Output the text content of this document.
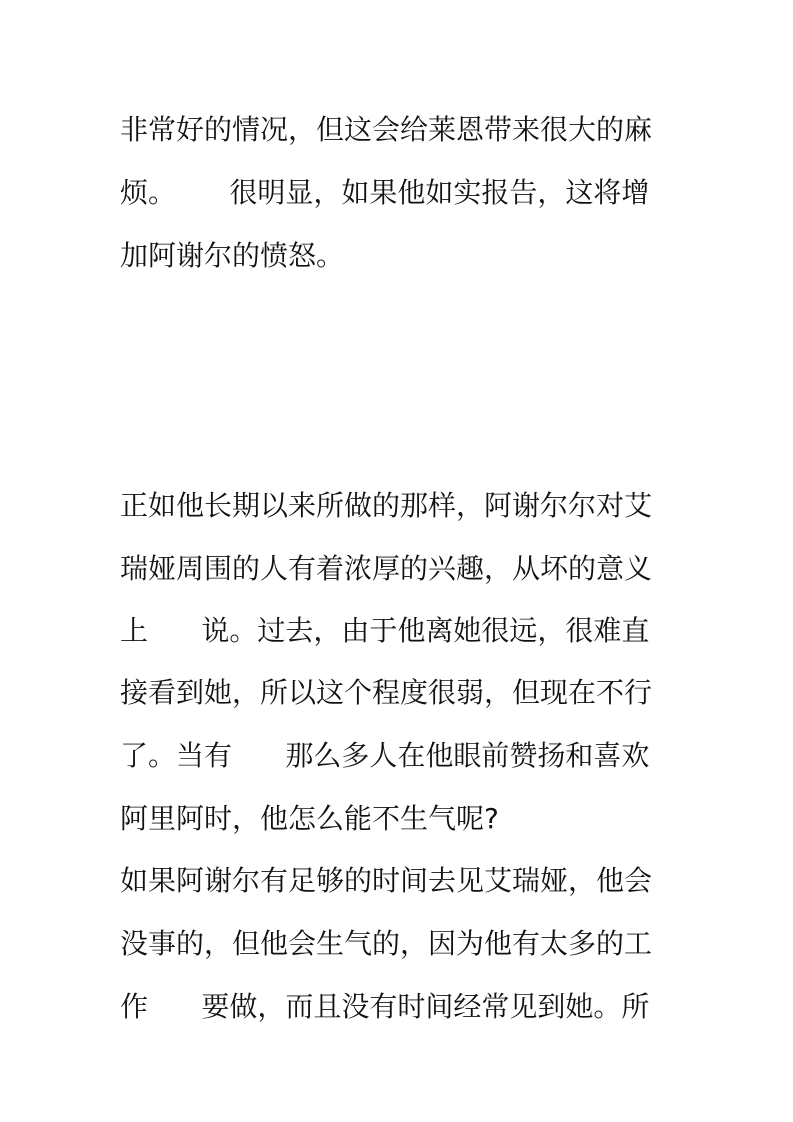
非常好的情况，但这会给莱恩带来很大的麻
烦。      很明显，如果他如实报告，这将增
加阿谢尔的愤怒。
正如他长期以来所做的那样，阿谢尔尔对艾
瑞娅周围的人有着浓厚的兴趣，从坏的意义
上      说。过去，由于他离她很远，很难直
接看到她，所以这个程度很弱，但现在不行
了。当有      那么多人在他眼前赞扬和喜欢
阿里阿时，他怎么能不生气呢?
如果阿谢尔有足够的时间去见艾瑞娅，他会
没事的，但他会生气的，因为他有太多的工
作      要做，而且没有时间经常见到她。所
